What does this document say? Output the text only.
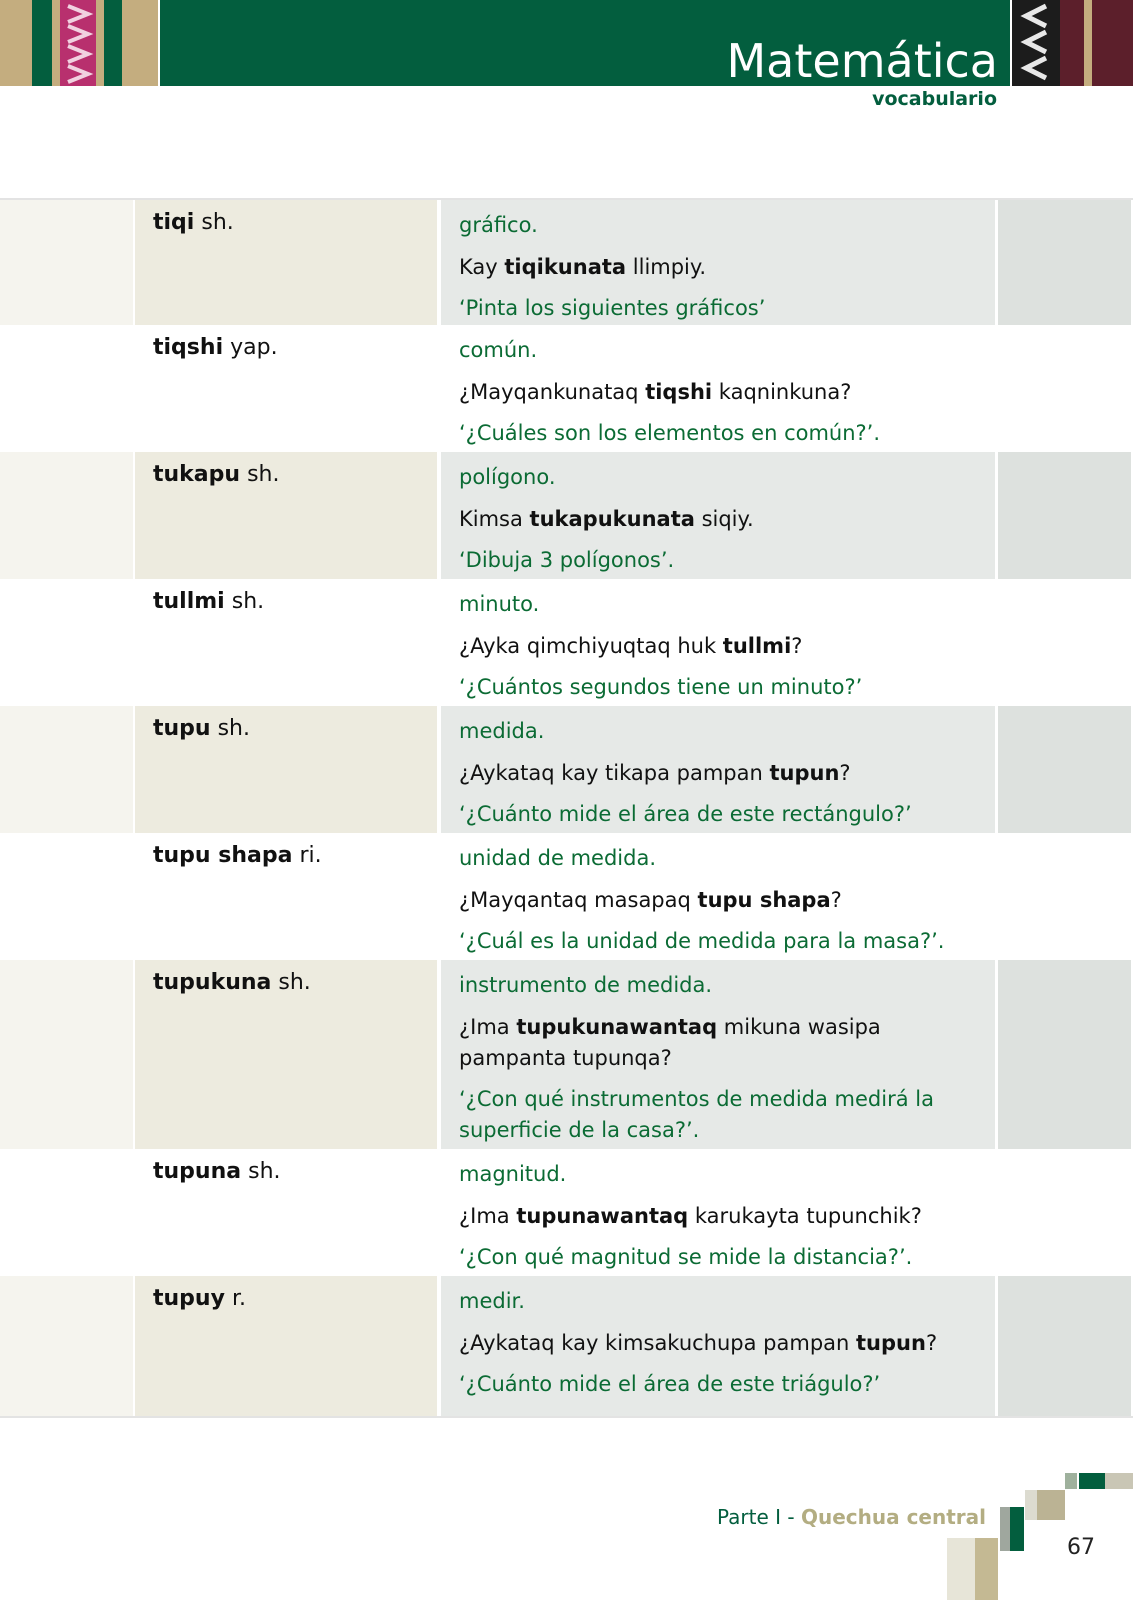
Matemática
vocabulario
tiqi sh.	gráfico.
Kay tiqikunata llimpiy.
‘Pinta los siguientes gráficos’
tiqshi yap.	común.
¿Mayqankunataq tiqshi kaqninkuna?
‘¿Cuáles son los elementos en común?’.
tukapu sh.	polígono.
Kimsa tukapukunata siqiy.
‘Dibuja 3 polígonos’.
tullmi sh.	minuto.
¿Ayka qimchiyuqtaq huk tullmi?
‘¿Cuántos segundos tiene un minuto?’
tupu sh.	medida.
¿Aykataq kay tikapa pampan tupun?
‘¿Cuánto mide el área de este rectángulo?’
tupu shapa ri.	unidad de medida.
¿Mayqantaq masapaq tupu shapa?
‘¿Cuál es la unidad de medida para la masa?’.
tupukuna sh.	instrumento de medida.
¿Ima tupukunawantaq mikuna wasipa pampanta tupunqa?
‘¿Con qué instrumentos de medida medirá la superficie de la casa?’.
tupuna sh.	magnitud.
¿Ima tupunawantaq karukayta tupunchik?
‘¿Con qué magnitud se mide la distancia?’.
tupuy r.	medir.
¿Aykataq kay kimsakuchupa pampan tupun?
‘¿Cuánto mide el área de este triágulo?’
Parte I - Quechua central
67
